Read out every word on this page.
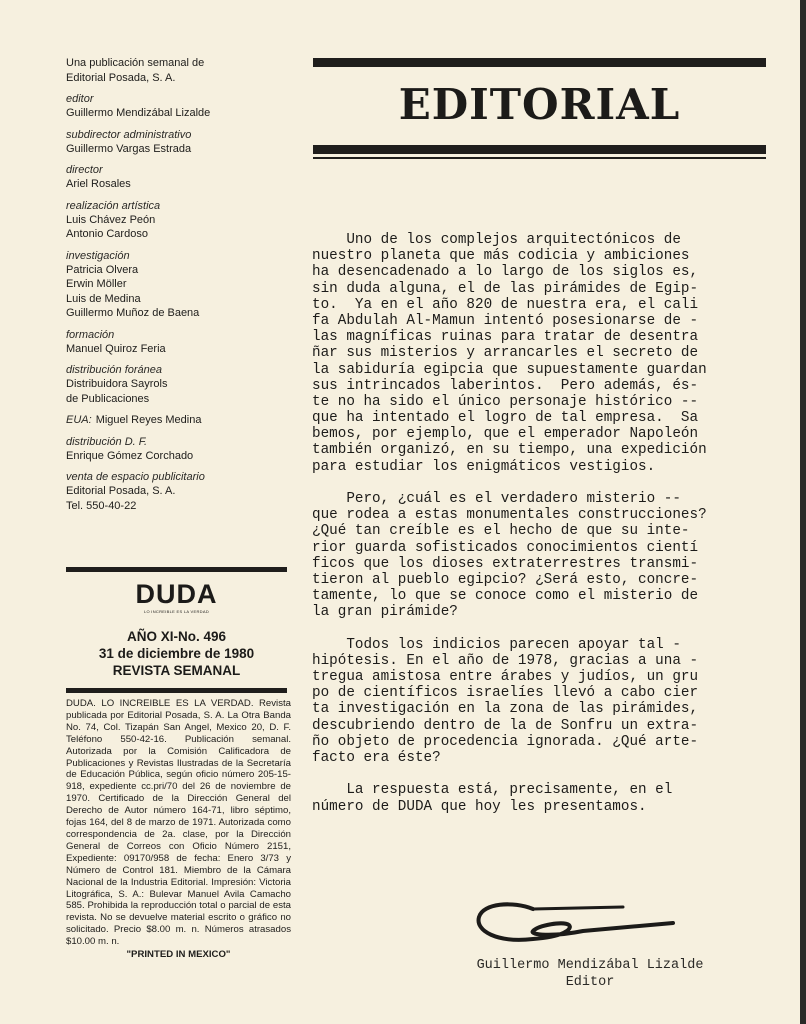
Una publicación semanal de
Editorial Posada, S. A.
editor
Guillermo Mendizábal Lizalde
subdirector administrativo
Guillermo Vargas Estrada
director
Ariel Rosales
realización artística
Luis Chávez Peón
Antonio Cardoso
investigación
Patricia Olvera
Erwin Möller
Luis de Medina
Guillermo Muñoz de Baena
formación
Manuel Quiroz Feria
distribución foránea
Distribuidora Sayrols
de Publicaciones
EUA: Miguel Reyes Medina
distribución D. F.
Enrique Gómez Corchado
venta de espacio publicitario
Editorial Posada, S. A.
Tel. 550-40-22
DUDA
LO INCREIBLE ES LA VERDAD
AÑO XI-No. 496
31 de diciembre de 1980
REVISTA SEMANAL
DUDA. LO INCREIBLE ES LA VERDAD. Revista publicada por Editorial Posada, S. A. La Otra Banda No. 74, Col. Tizapán San Angel, Mexico 20, D. F. Teléfono 550-42-16. Publicación semanal. Autorizada por la Comisión Calificadora de Publicaciones y Revistas Ilustradas de la Secretaría de Educación Pública, según oficio número 205-15-918, expediente cc.pri/70 del 26 de noviembre de 1970. Certificado de la Dirección General del Derecho de Autor número 164-71, libro séptimo, fojas 164, del 8 de marzo de 1971. Autorizada como correspondencia de 2a. clase, por la Dirección General de Correos con Oficio Número 2151, Expediente: 09170/958 de fecha: Enero 3/73 y Número de Control 181. Miembro de la Cámara Nacional de la Industria Editorial. Impresión: Victoria Litográfica, S. A.: Bulevar Manuel Avila Camacho 585. Prohibida la reproducción total o parcial de esta revista. No se devuelve material escrito o gráfico no solicitado. Precio $8.00 m. n. Números atrasados $10.00 m. n.
"PRINTED IN MEXICO"
EDITORIAL
Uno de los complejos arquitectónicos de
nuestro planeta que más codicia y ambiciones
ha desencadenado a lo largo de los siglos es,
sin duda alguna, el de las pirámides de Egip-
to.  Ya en el año 820 de nuestra era, el cali
fa Abdulah Al-Mamun intentó posesionarse de -
las magníficas ruinas para tratar de desentra
ñar sus misterios y arrancarles el secreto de
la sabiduría egipcia que supuestamente guardan
sus intrincados laberintos.  Pero además, és-
te no ha sido el único personaje histórico --
que ha intentado el logro de tal empresa.  Sa
bemos, por ejemplo, que el emperador Napoleón
también organizó, en su tiempo, una expedición
para estudiar los enigmáticos vestigios.
Pero, ¿cuál es el verdadero misterio --
que rodea a estas monumentales construcciones?
¿Qué tan creíble es el hecho de que su inte-
rior guarda sofisticados conocimientos cientí
ficos que los dioses extraterrestres transmi-
tieron al pueblo egipcio? ¿Será esto, concre-
tamente, lo que se conoce como el misterio de
la gran pirámide?
Todos los indicios parecen apoyar tal -
hipótesis. En el año de 1978, gracias a una -
tregua amistosa entre árabes y judíos, un gru
po de científicos israelíes llevó a cabo cier
ta investigación en la zona de las pirámides,
descubriendo dentro de la de Sonfru un extra-
ño objeto de procedencia ignorada. ¿Qué arte-
facto era éste?
La respuesta está, precisamente, en el
número de DUDA que hoy les presentamos.
Guillermo Mendizábal Lizalde
Editor
